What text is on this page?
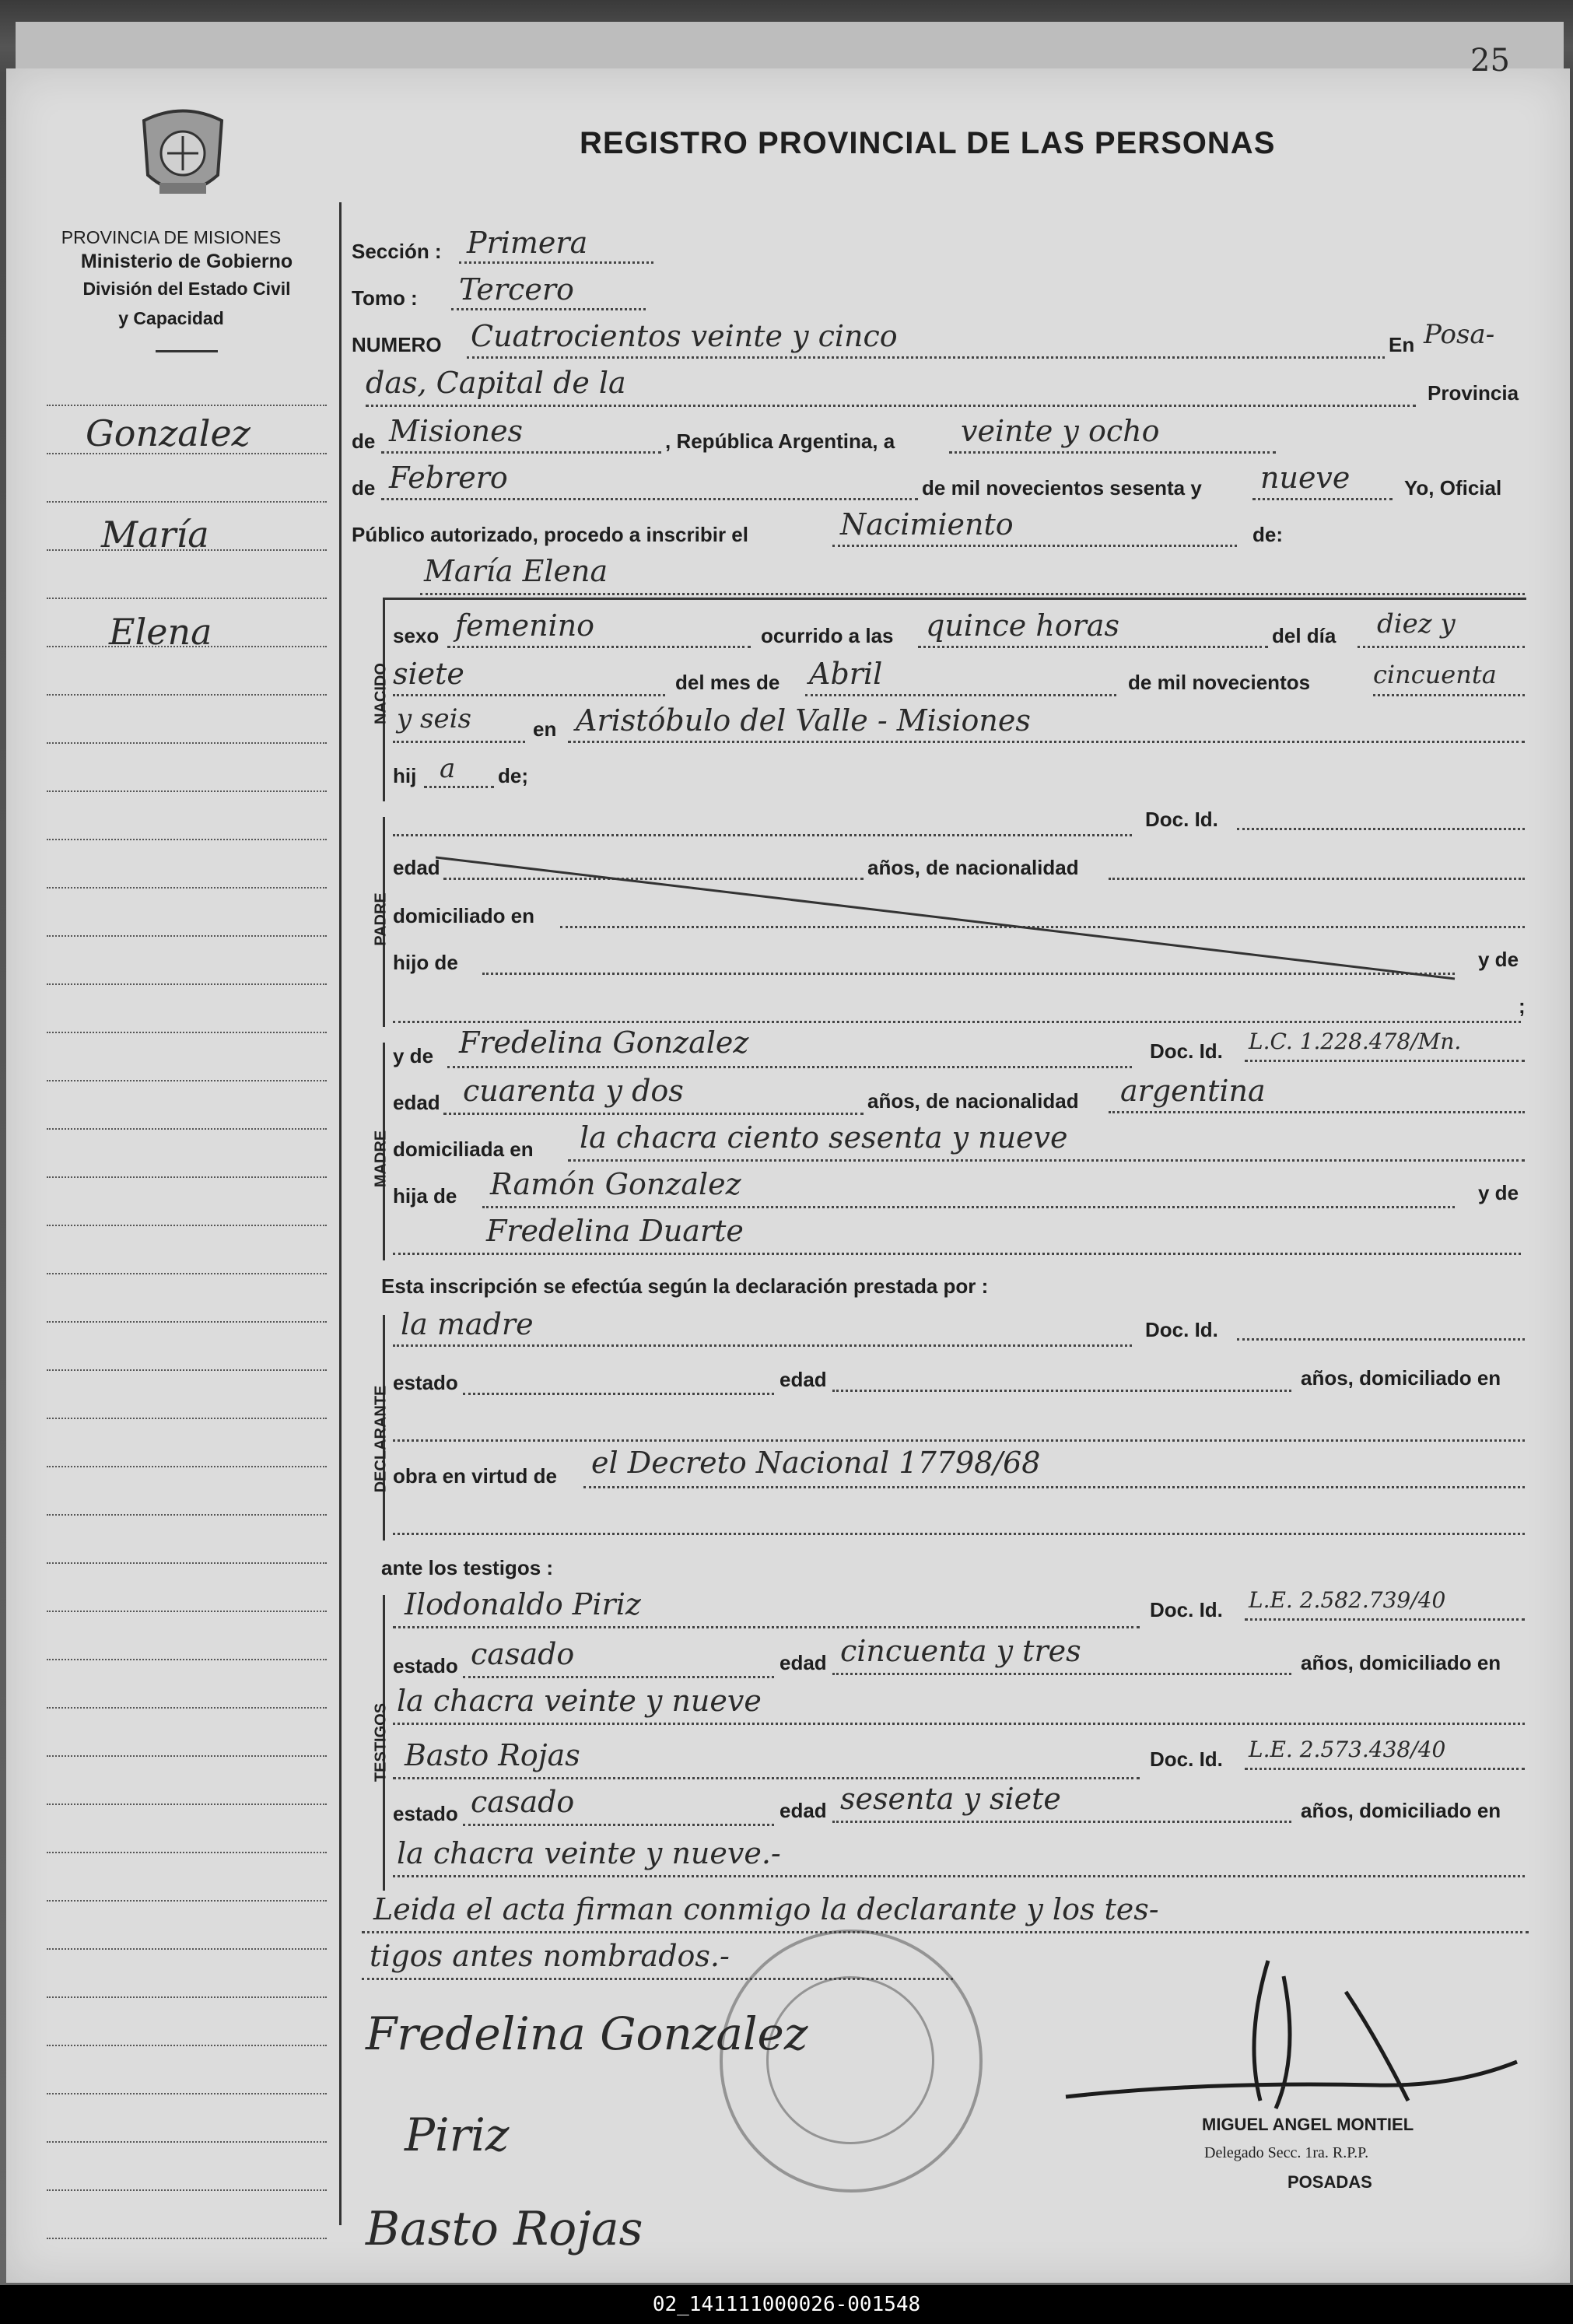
25
PROVINCIA DE MISIONES
Ministerio de Gobierno
División del Estado Civil
y Capacidad
REGISTRO PROVINCIAL DE LAS PERSONAS
Gonzalez
María
Elena
Sección : Primera
Tomo : Tercero
NUMERO Cuatrocientos veinte y cinco	En Posa-
das, Capital de la	Provincia
de Misiones	, República Argentina, a veinte y ocho
de Febrero	de mil novecientos sesenta y nueve	Yo, Oficial
Público autorizado, procedo a inscribir el	Nacimiento	de:
María Elena
NACIDO
sexo femenino	ocurrido a las quince horas	del día diez y
siete	del mes de Abril	de mil novecientos	cincuenta
y seis	en Aristóbulo del Valle - Misiones
hij a de;
PADRE
Doc. Id.
edad	años, de nacionalidad
domiciliado en
hijo de	y de
;
MADRE
y de Fredelina Gonzalez	Doc. Id. L.C. 1.228.478/Mn.
edad cuarenta y dos	años, de nacionalidad argentina
domiciliada en la chacra ciento sesenta y nueve
hija de Ramón Gonzalez	y de
Fredelina Duarte
Esta inscripción se efectúa según la declaración prestada por :
DECLARANTE
la madre	Doc. Id.
estado	edad	años, domiciliado en
obra en virtud de el Decreto Nacional 17798/68
ante los testigos :
TESTIGOS
Ilodonaldo Piriz	Doc. Id. L.E. 2.582.739/40
estado casado	edad cincuenta y tres	años, domiciliado en
la chacra veinte y nueve
Basto Rojas	Doc. Id. L.E. 2.573.438/40
estado casado	edad sesenta y siete	años, domiciliado en
la chacra veinte y nueve.-
Leida el acta firman conmigo la declarante y los tes-
tigos antes nombrados.-
Fredelina Gonzalez
Piriz
Basto Rojas
MIGUEL ANGEL MONTIEL
Delegado Secc. 1ra. R.P.P.
POSADAS
02_141111000026-001548
